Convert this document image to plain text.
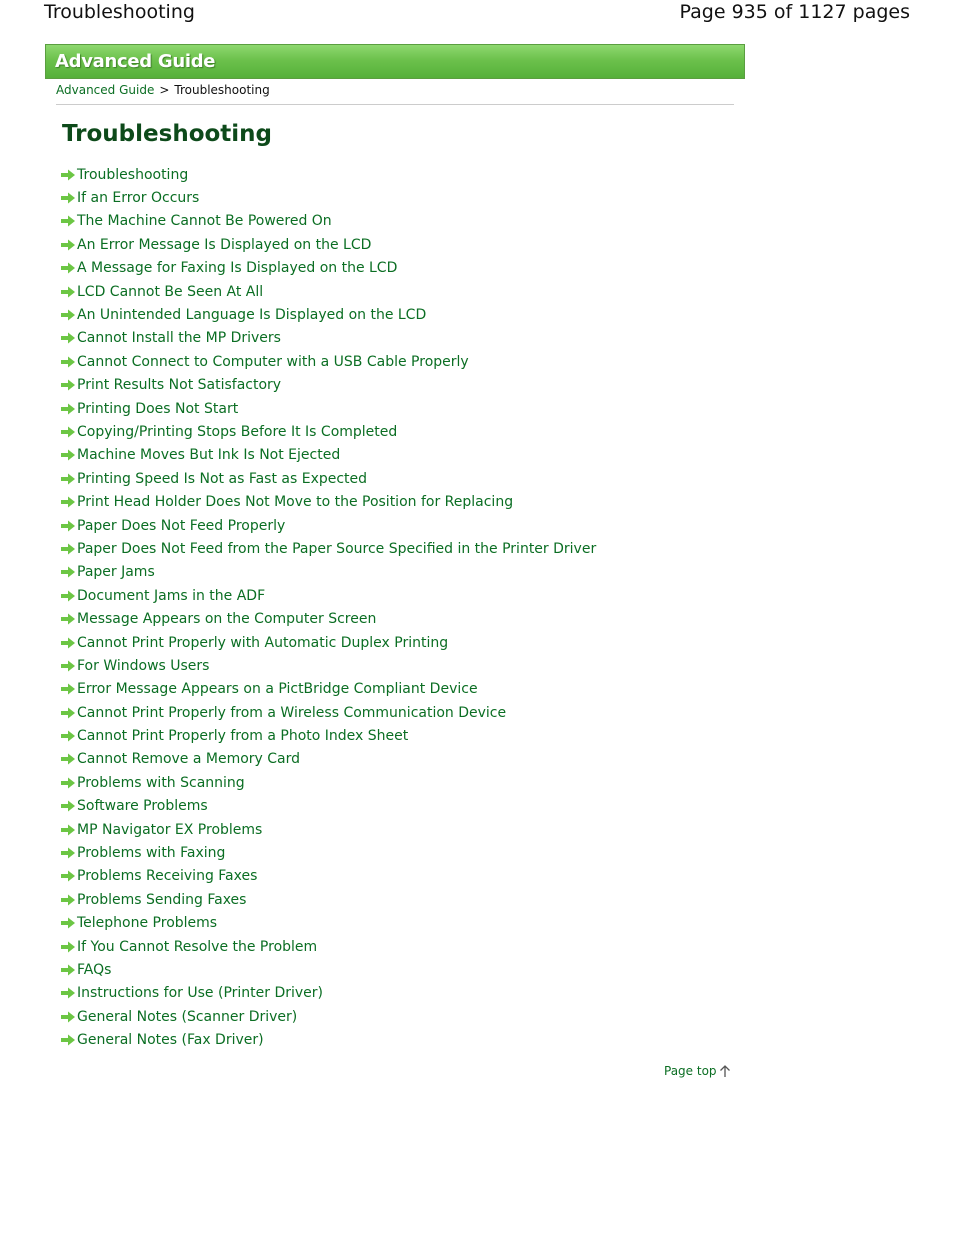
Troubleshooting	Page 935 of 1127 pages
Advanced Guide
Advanced Guide > Troubleshooting
Troubleshooting
Troubleshooting
If an Error Occurs
The Machine Cannot Be Powered On
An Error Message Is Displayed on the LCD
A Message for Faxing Is Displayed on the LCD
LCD Cannot Be Seen At All
An Unintended Language Is Displayed on the LCD
Cannot Install the MP Drivers
Cannot Connect to Computer with a USB Cable Properly
Print Results Not Satisfactory
Printing Does Not Start
Copying/Printing Stops Before It Is Completed
Machine Moves But Ink Is Not Ejected
Printing Speed Is Not as Fast as Expected
Print Head Holder Does Not Move to the Position for Replacing
Paper Does Not Feed Properly
Paper Does Not Feed from the Paper Source Specified in the Printer Driver
Paper Jams
Document Jams in the ADF
Message Appears on the Computer Screen
Cannot Print Properly with Automatic Duplex Printing
For Windows Users
Error Message Appears on a PictBridge Compliant Device
Cannot Print Properly from a Wireless Communication Device
Cannot Print Properly from a Photo Index Sheet
Cannot Remove a Memory Card
Problems with Scanning
Software Problems
MP Navigator EX Problems
Problems with Faxing
Problems Receiving Faxes
Problems Sending Faxes
Telephone Problems
If You Cannot Resolve the Problem
FAQs
Instructions for Use (Printer Driver)
General Notes (Scanner Driver)
General Notes (Fax Driver)
Page top
